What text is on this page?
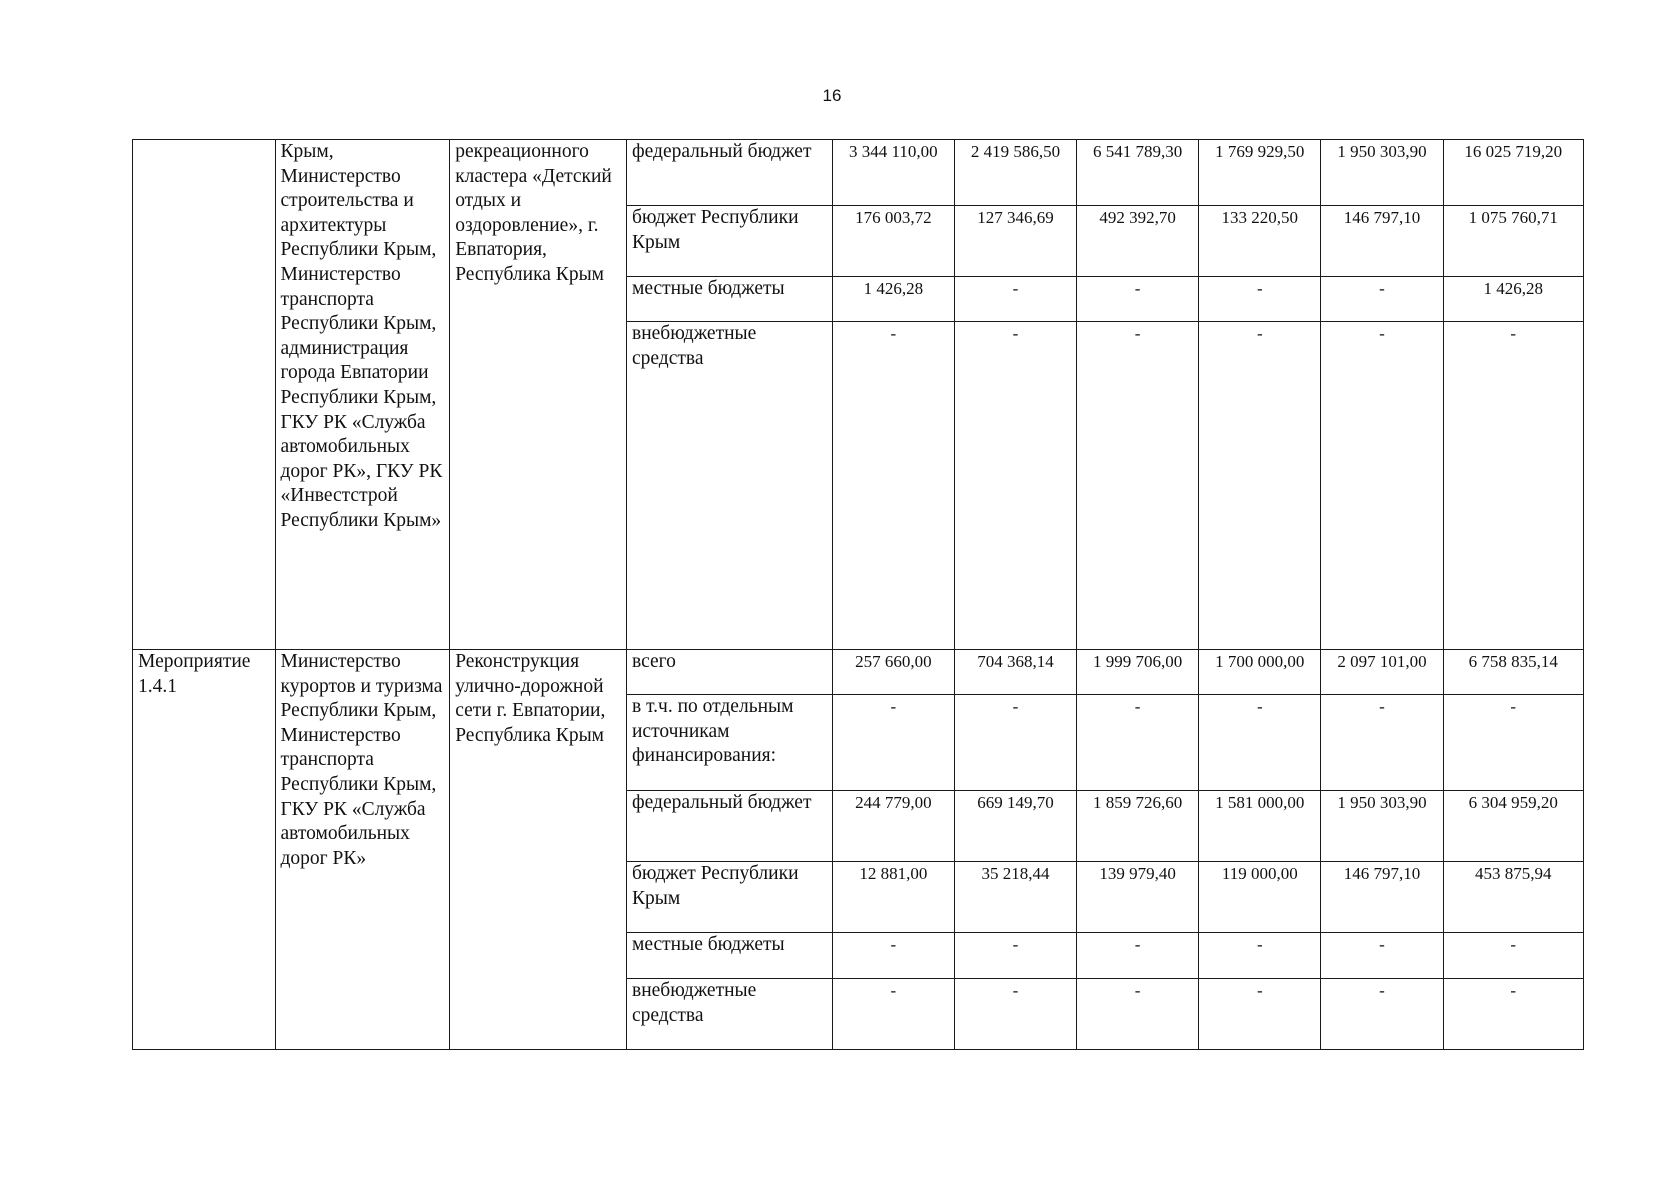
16
	Крым, Министерство строительства и архитектуры Республики Крым, Министерство транспорта Республики Крым, администрация города Евпатории Республики Крым, ГКУ РК «Служба автомобильных дорог РК», ГКУ РК «Инвестстрой Республики Крым»	рекреационного кластера «Детский отдых и оздоровление», г. Евпатория, Республика Крым	федеральный бюджет	3 344 110,00	2 419 586,50	6 541 789,30	1 769 929,50	1 950 303,90	16 025 719,20
			бюджет Республики Крым	176 003,72	127 346,69	492 392,70	133 220,50	146 797,10	1 075 760,71
			местные бюджеты	1 426,28	-	-	-	-	1 426,28
			внебюджетные средства	-	-	-	-	-	-
Мероприятие 1.4.1	Министерство курортов и туризма Республики Крым, Министерство транспорта Республики Крым, ГКУ РК «Служба автомобильных дорог РК»	Реконструкция улично-дорожной сети г. Евпатории, Республика Крым	всего	257 660,00	704 368,14	1 999 706,00	1 700 000,00	2 097 101,00	6 758 835,14
			в т.ч. по отдельным источникам финансирования:	-	-	-	-	-	-
			федеральный бюджет	244 779,00	669 149,70	1 859 726,60	1 581 000,00	1 950 303,90	6 304 959,20
			бюджет Республики Крым	12 881,00	35 218,44	139 979,40	119 000,00	146 797,10	453 875,94
			местные бюджеты	-	-	-	-	-	-
			внебюджетные средства	-	-	-	-	-	-
